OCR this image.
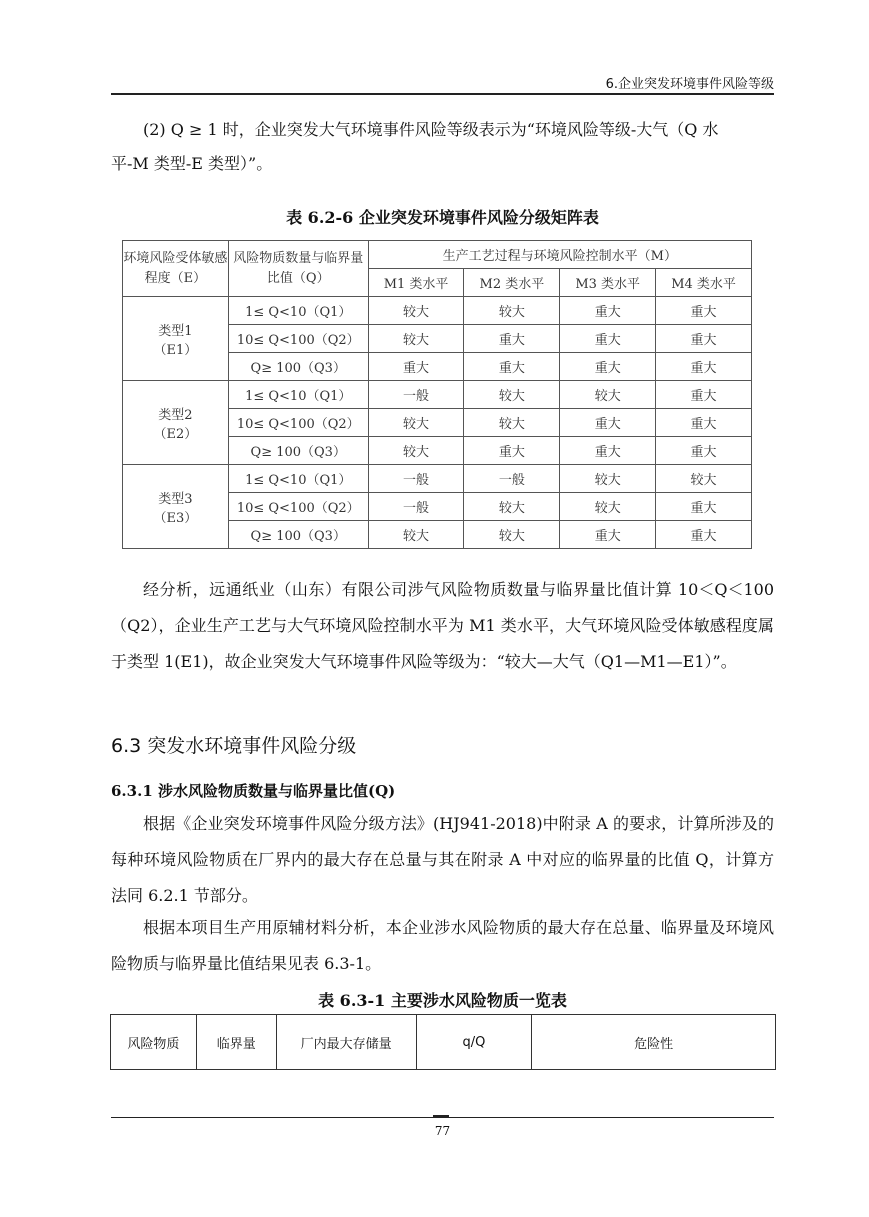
6.企业突发环境事件风险等级
(2) Q ≥ 1 时，企业突发大气环境事件风险等级表示为“环境风险等级-大气（Q 水
平-M 类型-E 类型）”。
表 6.2-6 企业突发环境事件风险分级矩阵表
环境风险受体敏感程度（E）	风险物质数量与临界量比值（Q）	生产工艺过程与环境风险控制水平（M）			
		M1 类水平	M2 类水平	M3 类水平	M4 类水平

类型1
（E1）	1≤ Q<10（Q1）	较大	较大	重大	重大
	10≤ Q<100（Q2）	较大	重大	重大	重大
	Q≥ 100（Q3）	重大	重大	重大	重大

类型2
（E2）	1≤ Q<10（Q1）	一般	较大	较大	重大
	10≤ Q<100（Q2）	较大	较大	重大	重大
	Q≥ 100（Q3）	较大	重大	重大	重大

类型3
（E3）	1≤ Q<10（Q1）	一般	一般	较大	较大
	10≤ Q<100（Q2）	一般	较大	较大	重大
	Q≥ 100（Q3）	较大	较大	重大	重大
经分析，远通纸业（山东）有限公司涉气风险物质数量与临界量比值计算 10＜Q＜100（Q2），企业生产工艺与大气环境风险控制水平为 M1 类水平，大气环境风险受体敏感程度属于类型 1(E1)，故企业突发大气环境事件风险等级为：“较大—大气（Q1—M1—E1）”。
6.3 突发水环境事件风险分级
6.3.1 涉水风险物质数量与临界量比值(Q)
根据《企业突发环境事件风险分级方法》(HJ941-2018)中附录 A 的要求，计算所涉及的每种环境风险物质在厂界内的最大存在总量与其在附录 A 中对应的临界量的比值 Q，计算方法同 6.2.1 节部分。
根据本项目生产用原辅材料分析，本企业涉水风险物质的最大存在总量、临界量及环境风险物质与临界量比值结果见表 6.3-1。
表 6.3-1 主要涉水风险物质一览表
风险物质	临界量	厂内最大存储量	q/Q	危险性
77
